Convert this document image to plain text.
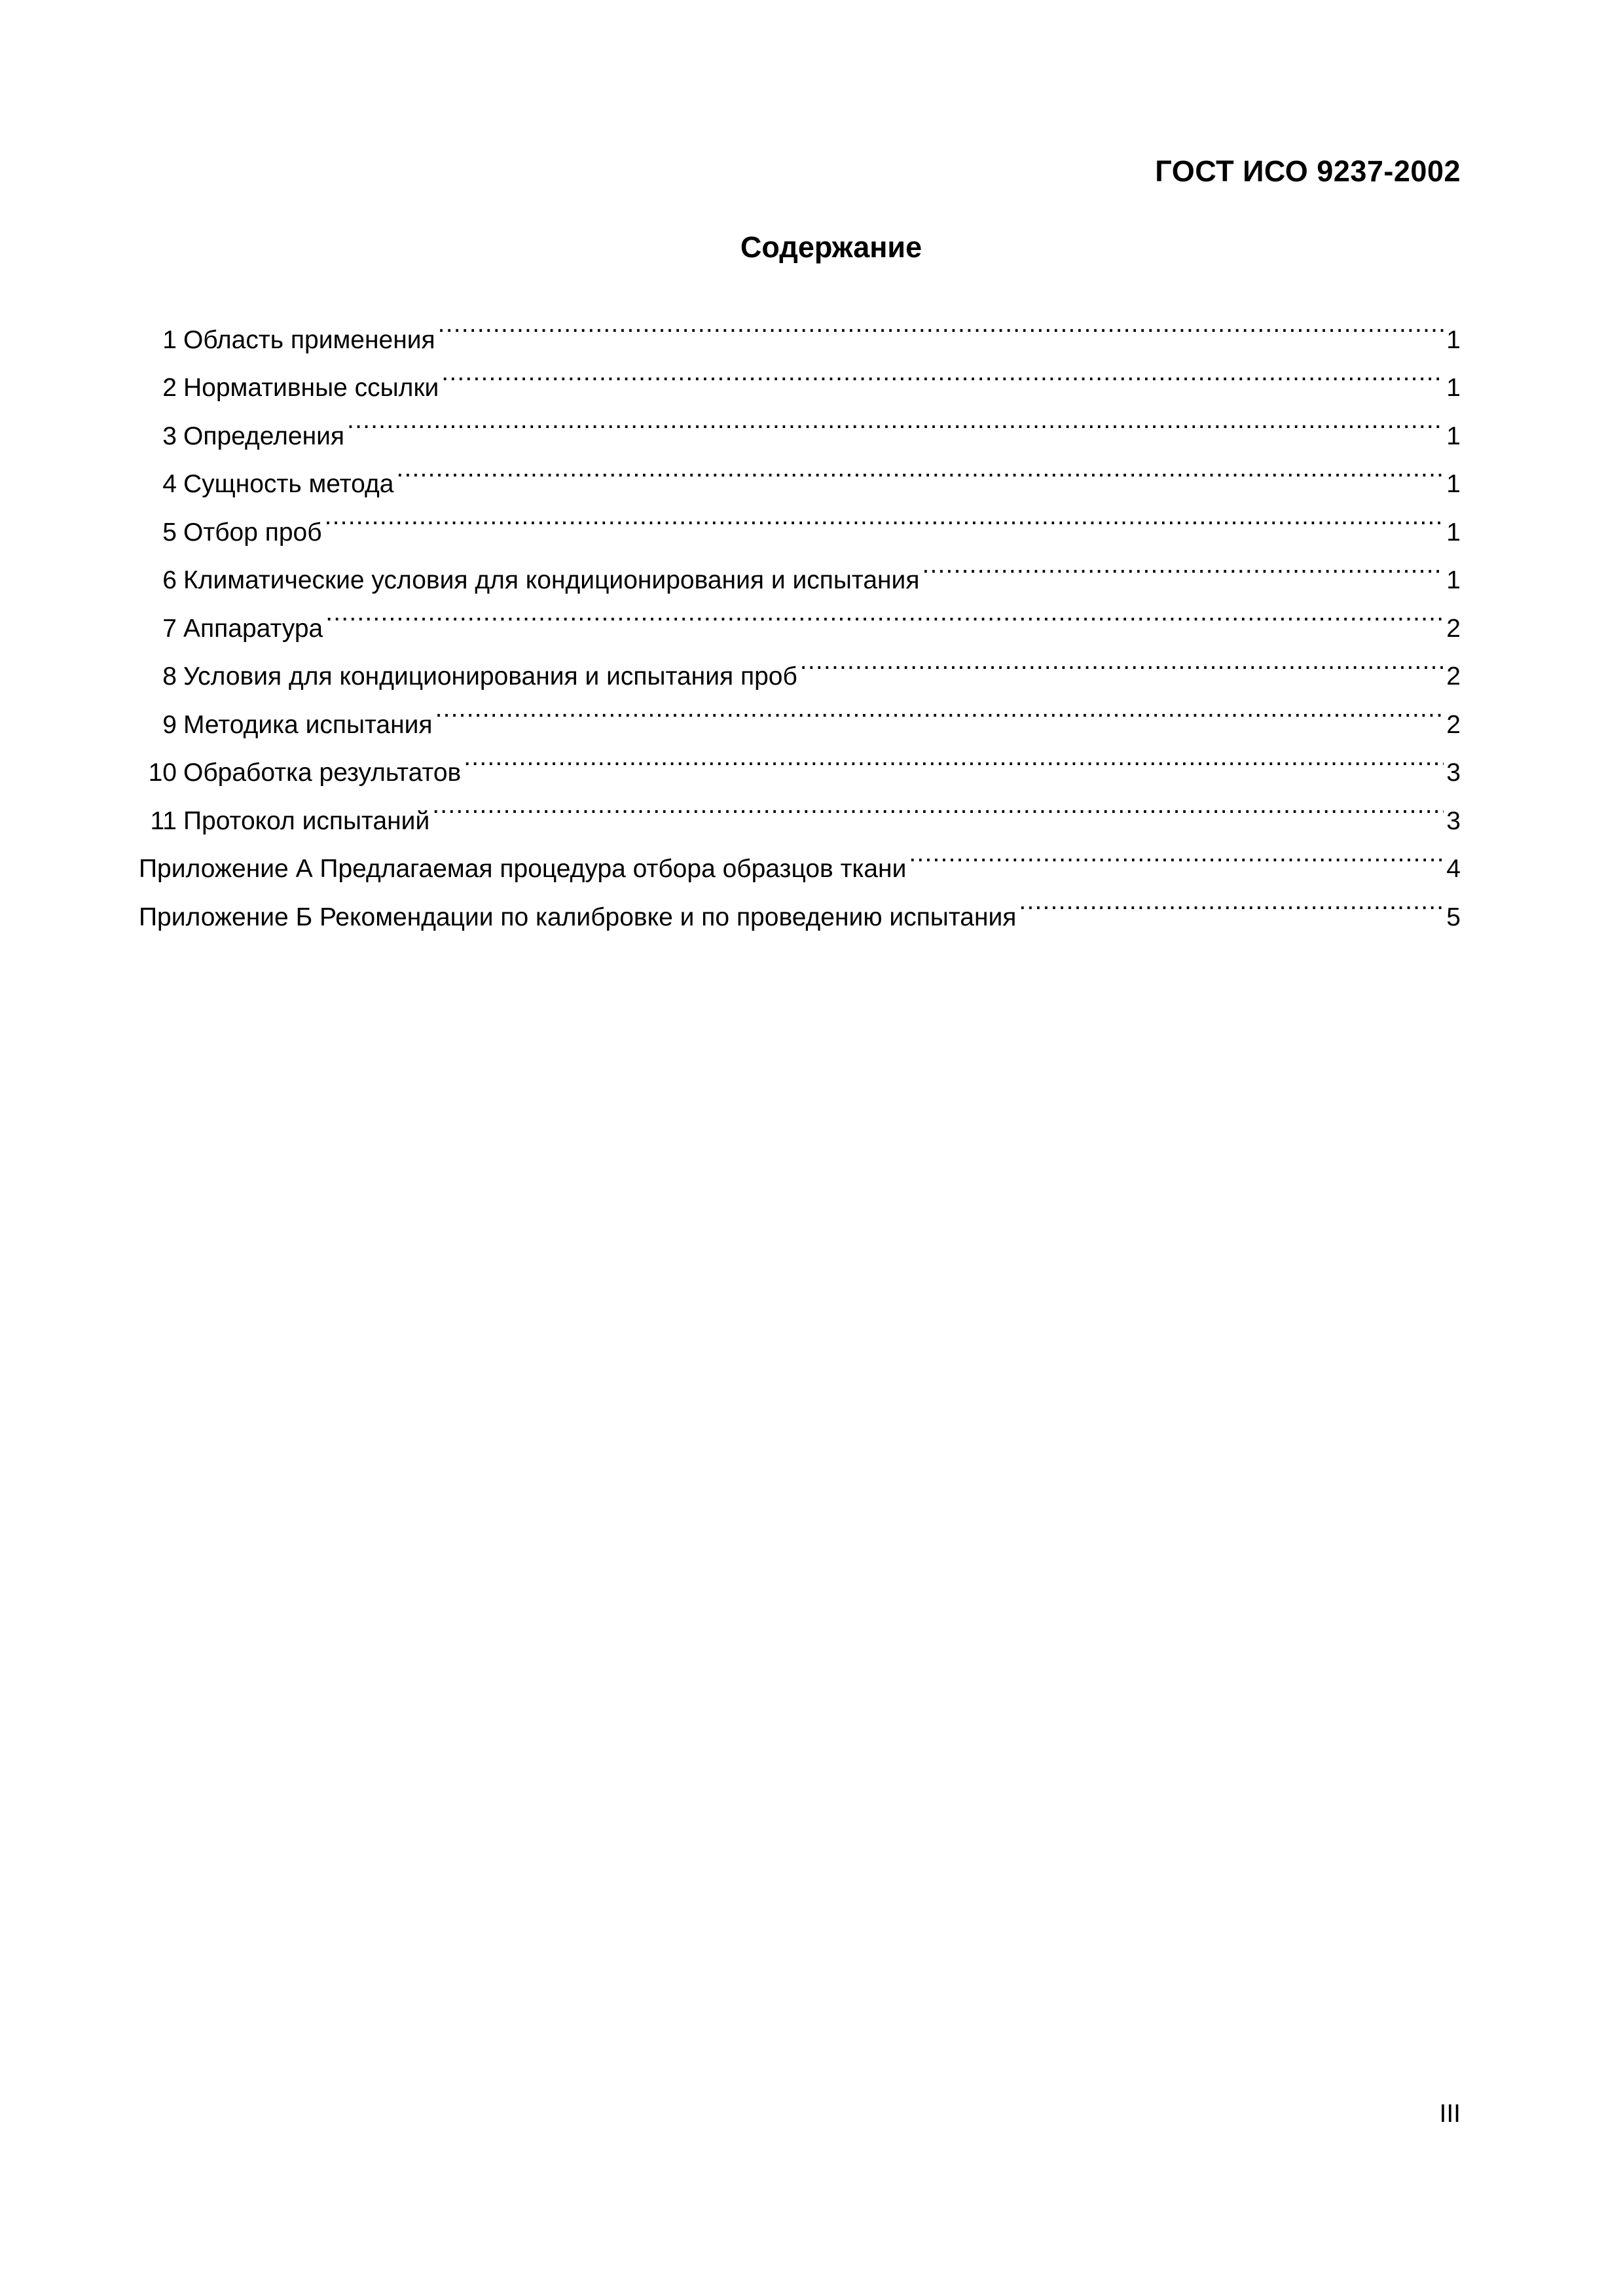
ГОСТ ИСО 9237-2002
Содержание
1 Область применения .....	1
2 Нормативные ссылки .....	1
3 Определения .....	1
4 Сущность метода .....	1
5 Отбор проб .....	1
6 Климатические условия для кондиционирования и испытания .....	1
7 Аппаратура .....	2
8 Условия для кондиционирования и испытания проб .....	2
9 Методика испытания .....	2
10 Обработка результатов .....	3
11 Протокол испытаний .....	3
Приложение А Предлагаемая процедура отбора образцов ткани .....	4
Приложение Б Рекомендации по калибровке и по проведению испытания .....	5
III
